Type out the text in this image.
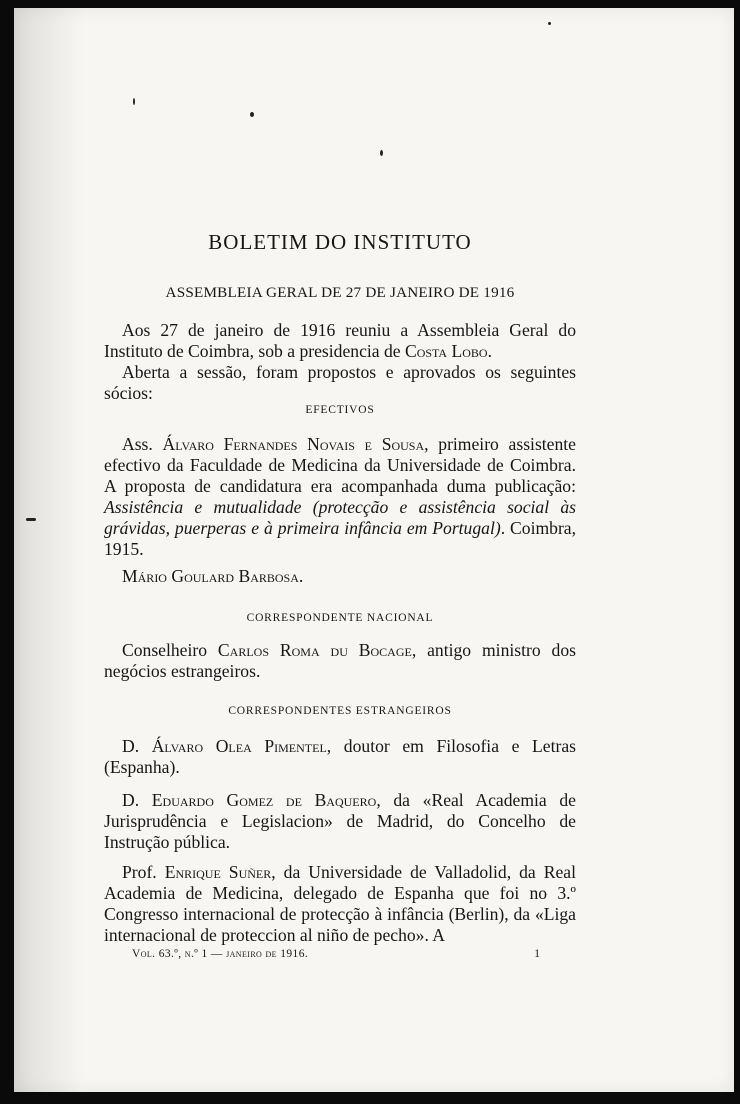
BOLETIM DO INSTITUTO
ASSEMBLEIA GERAL DE 27 DE JANEIRO DE 1916

Aos 27 de janeiro de 1916 reuniu a Assembleia Geral do Instituto de Coimbra, sob a presidencia de Costa Lobo.

Aberta a sessão, foram propostos e aprovados os seguintes sócios:

EFECTIVOS

Ass. Álvaro Fernandes Novais e Sousa, primeiro assistente efectivo da Faculdade de Medicina da Universidade de Coimbra. A proposta de candidatura era acompanhada duma publicação: Assistência e mutualidade (protecção e assistência social às grávidas, puerperas e à primeira infância em Portugal). Coimbra, 1915.

Mário Goulard Barbosa.

CORRESPONDENTE NACIONAL

Conselheiro Carlos Roma du Bocage, antigo ministro dos negócios estrangeiros.

CORRESPONDENTES ESTRANGEIROS

D. Álvaro Olea Pimentel, doutor em Filosofia e Letras (Espanha).

D. Eduardo Gomez de Baquero, da «Real Academia de Jurisprudência e Legislacion» de Madrid, do Concelho de Instrução pública.

Prof. Enrique Suñer, da Universidade de Valladolid, da Real Academia de Medicina, delegado de Espanha que foi no 3.º Congresso internacional de protecção à infância (Berlin), da «Liga internacional de proteccion al niño de pecho». A

Vol. 63.º, n.º 1 — janeiro de 1916.	1
